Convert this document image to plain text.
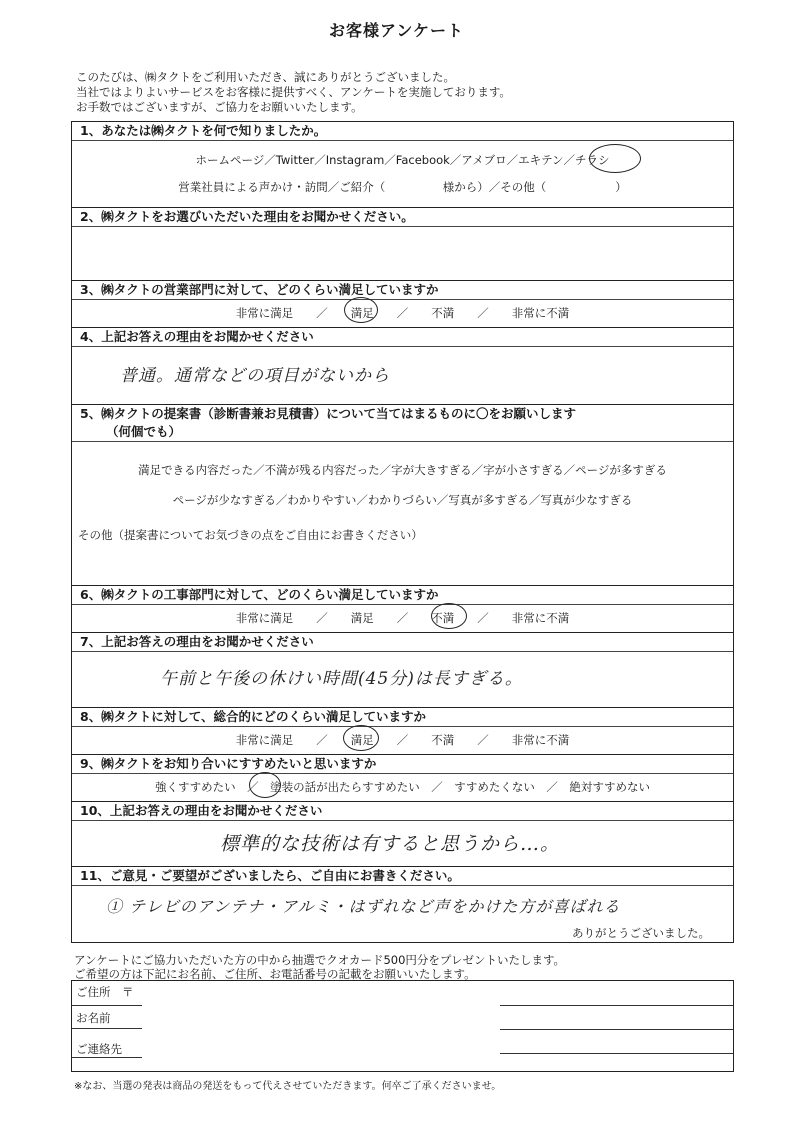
お客様アンケート
このたびは、㈱タクトをご利用いただき、誠にありがとうございました。
当社ではよりよいサービスをお客様に提供すべく、アンケートを実施しております。
お手数ではございますが、ご協力をお願いいたします。
1、あなたは㈱タクトを何で知りましたか。
ホームページ／Twitter／Instagram／Facebook／アメブロ／エキテン／チラシ
営業社員による声かけ・訪問／ご紹介（　　　　　様から）／その他（　　　　　　）
2、㈱タクトをお選びいただいた理由をお聞かせください。
3、㈱タクトの営業部門に対して、どのくらい満足していますか
非常に満足　　／　　満足　　／　　不満　　／　　非常に不満
4、上記お答えの理由をお聞かせください
普通。通常などの項目がないから
5、㈱タクトの提案書（診断書兼お見積書）について当てはまるものに〇をお願いします
（何個でも）
満足できる内容だった／不満が残る内容だった／字が大きすぎる／字が小さすぎる／ページが多すぎる
ページが少なすぎる／わかりやすい／わかりづらい／写真が多すぎる／写真が少なすぎる
その他（提案書についてお気づきの点をご自由にお書きください）
6、㈱タクトの工事部門に対して、どのくらい満足していますか
非常に満足　　／　　満足　　／　　不満　　／　　非常に不満
7、上記お答えの理由をお聞かせください
午前と午後の休けい時間(45分)は長すぎる。
8、㈱タクトに対して、総合的にどのくらい満足していますか
非常に満足　　／　　満足　　／　　不満　　／　　非常に不満
9、㈱タクトをお知り合いにすすめたいと思いますか
強くすすめたい　／　塗装の話が出たらすすめたい　／　すすめたくない　／　絶対すすめない
10、上記お答えの理由をお聞かせください
標準的な技術は有すると思うから…。
11、ご意見・ご要望がございましたら、ご自由にお書きください。
① テレビのアンテナ・アルミ・はずれなど声をかけた方が喜ばれる
ありがとうございました。
アンケートにご協力いただいた方の中から抽選でクオカード500円分をプレゼントいたします。
ご希望の方は下記にお名前、ご住所、お電話番号の記載をお願いいたします。
ご住所　〒
お名前
ご連絡先
※なお、当選の発表は商品の発送をもって代えさせていただきます。何卒ご了承くださいませ。
